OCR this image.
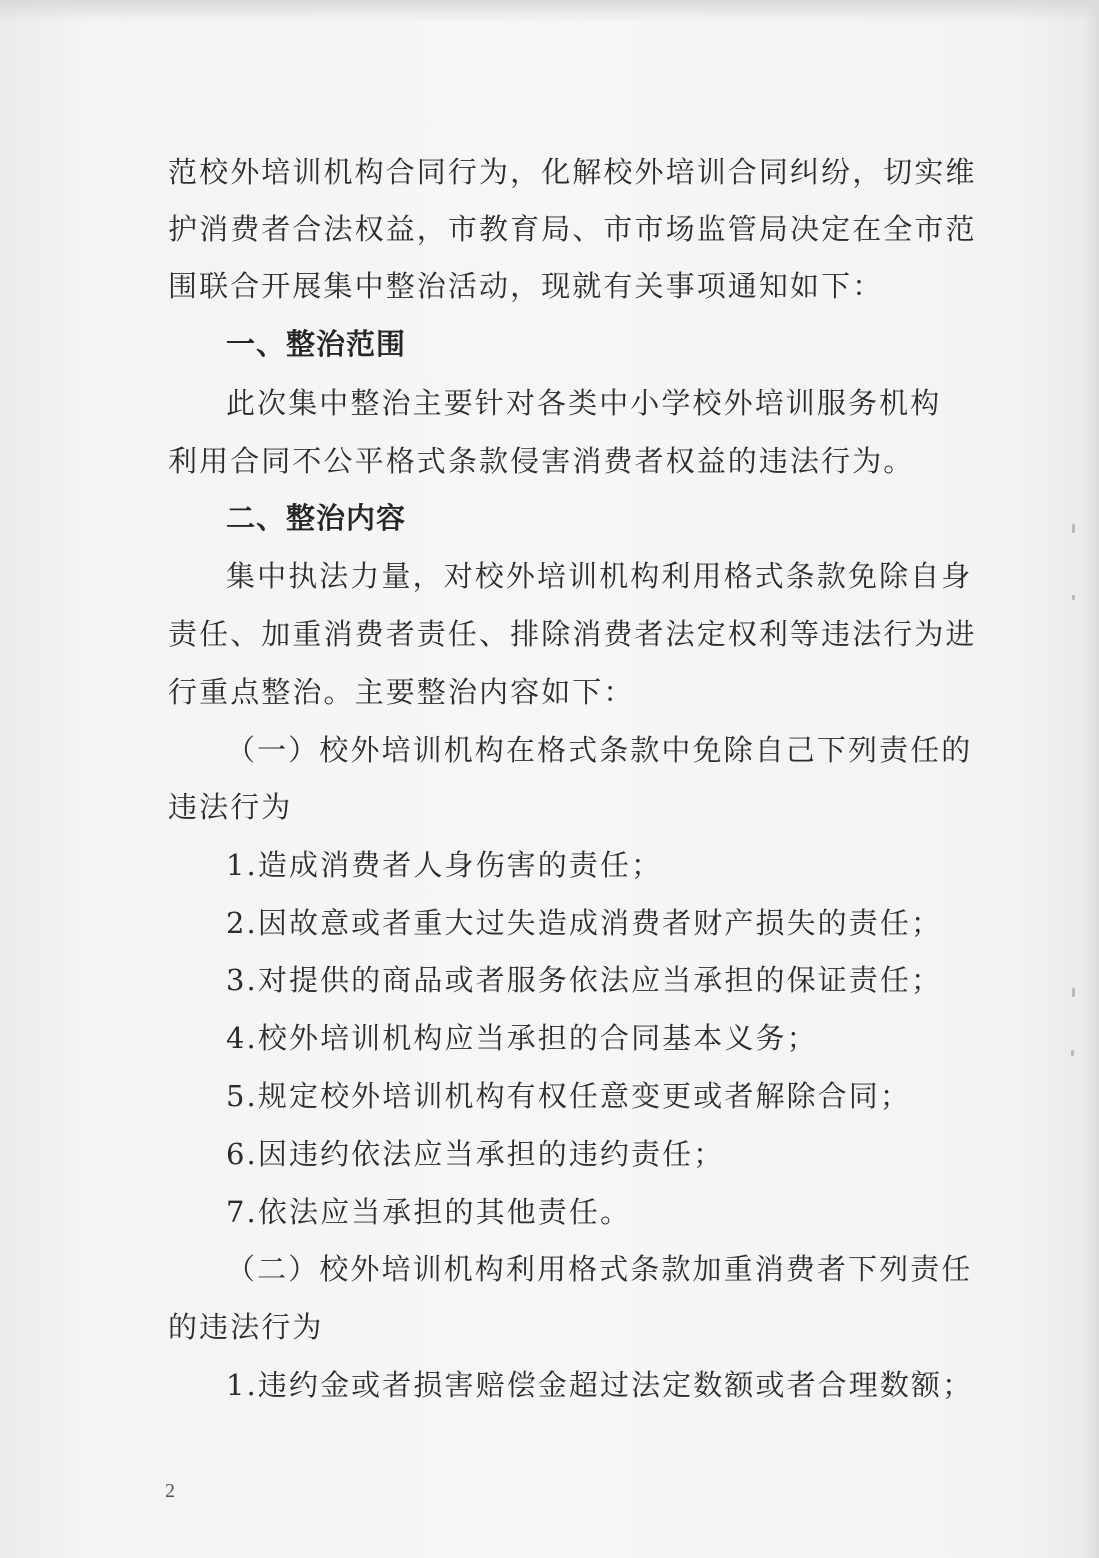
范校外培训机构合同行为，化解校外培训合同纠纷，切实维
护消费者合法权益，市教育局、市市场监管局决定在全市范
围联合开展集中整治活动，现就有关事项通知如下：
一、整治范围
此次集中整治主要针对各类中小学校外培训服务机构
利用合同不公平格式条款侵害消费者权益的违法行为。
二、整治内容
集中执法力量，对校外培训机构利用格式条款免除自身
责任、加重消费者责任、排除消费者法定权利等违法行为进
行重点整治。主要整治内容如下：
（一）校外培训机构在格式条款中免除自己下列责任的
违法行为
1.造成消费者人身伤害的责任；
2.因故意或者重大过失造成消费者财产损失的责任；
3.对提供的商品或者服务依法应当承担的保证责任；
4.校外培训机构应当承担的合同基本义务；
5.规定校外培训机构有权任意变更或者解除合同；
6.因违约依法应当承担的违约责任；
7.依法应当承担的其他责任。
（二）校外培训机构利用格式条款加重消费者下列责任
的违法行为
1.违约金或者损害赔偿金超过法定数额或者合理数额；
2
